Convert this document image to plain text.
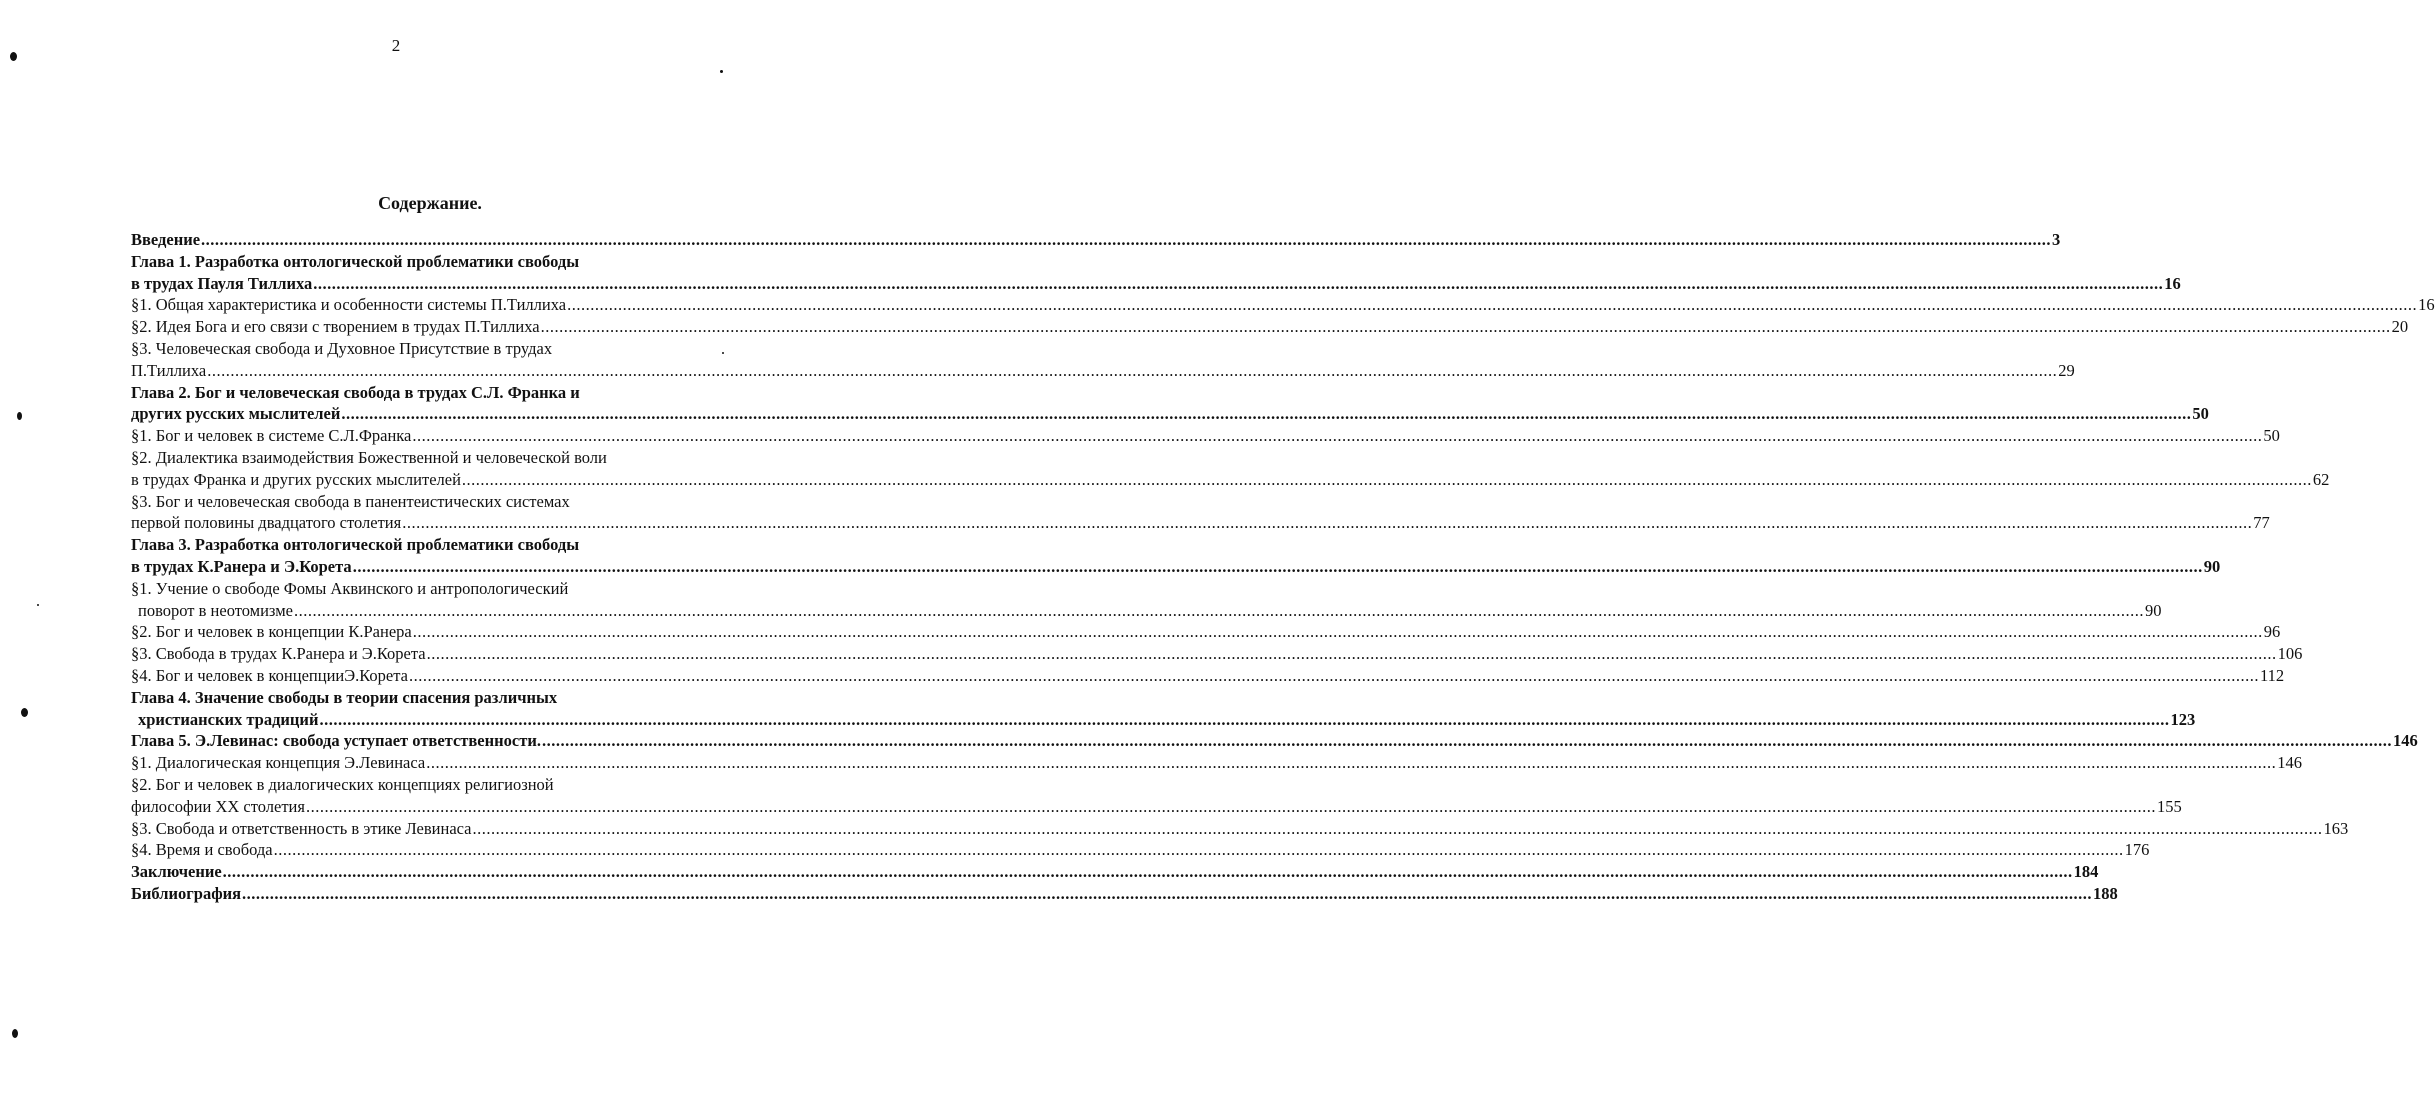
2
Содержание.
Введение ................................................................................................................................................................................................................................................................................................................................................................................................................ 3
Глава 1. Разработка онтологической проблематики свободы
в трудах Пауля Тиллиха ................................................................................................................................................................................................................................................................................................................................................................................................................ 16
§1. Общая характеристика и особенности системы П.Тиллиха ................................................................................................................................................................................................................................................................................................................................................................................................................ 16
§2. Идея Бога и его связи с творением в трудах П.Тиллиха ................................................................................................................................................................................................................................................................................................................................................................................................................ 20
§3. Человеческая свобода и Духовное Присутствие в трудах
П.Тиллиха ................................................................................................................................................................................................................................................................................................................................................................................................................ 29
Глава 2. Бог и человеческая свобода в трудах С.Л. Франка и
других русских мыслителей ................................................................................................................................................................................................................................................................................................................................................................................................................ 50
§1. Бог и человек в системе С.Л.Франка ................................................................................................................................................................................................................................................................................................................................................................................................................ 50
§2. Диалектика взаимодействия Божественной и человеческой воли
в трудах Франка и других русских мыслителей ................................................................................................................................................................................................................................................................................................................................................................................................................ 62
§3. Бог и человеческая свобода в панентеистических системах
первой половины двадцатого столетия ................................................................................................................................................................................................................................................................................................................................................................................................................ 77
Глава 3. Разработка онтологической проблематики свободы
в трудах К.Ранера и Э.Корета ................................................................................................................................................................................................................................................................................................................................................................................................................ 90
§1. Учение о свободе Фомы Аквинского и антропологический
поворот в неотомизме ................................................................................................................................................................................................................................................................................................................................................................................................................ 90
§2. Бог и человек в концепции К.Ранера ................................................................................................................................................................................................................................................................................................................................................................................................................ 96
§3. Свобода в трудах К.Ранера и Э.Корета ................................................................................................................................................................................................................................................................................................................................................................................................................ 106
§4. Бог и человек в концепцииЭ.Корета ................................................................................................................................................................................................................................................................................................................................................................................................................ 112
Глава 4. Значение свободы в теории спасения различных
христианских традиций ................................................................................................................................................................................................................................................................................................................................................................................................................ 123
Глава 5. Э.Левинас: свобода уступает ответственности. ................................................................................................................................................................................................................................................................................................................................................................................................................ 146
§1. Диалогическая концепция Э.Левинаса ................................................................................................................................................................................................................................................................................................................................................................................................................ 146
§2. Бог и человек в диалогических концепциях религиозной
философии XX столетия ................................................................................................................................................................................................................................................................................................................................................................................................................ 155
§3. Свобода и ответственность в этике Левинаса ................................................................................................................................................................................................................................................................................................................................................................................................................ 163
§4. Время и свобода ................................................................................................................................................................................................................................................................................................................................................................................................................ 176
Заключение ................................................................................................................................................................................................................................................................................................................................................................................................................ 184
Библиография ................................................................................................................................................................................................................................................................................................................................................................................................................ 188
